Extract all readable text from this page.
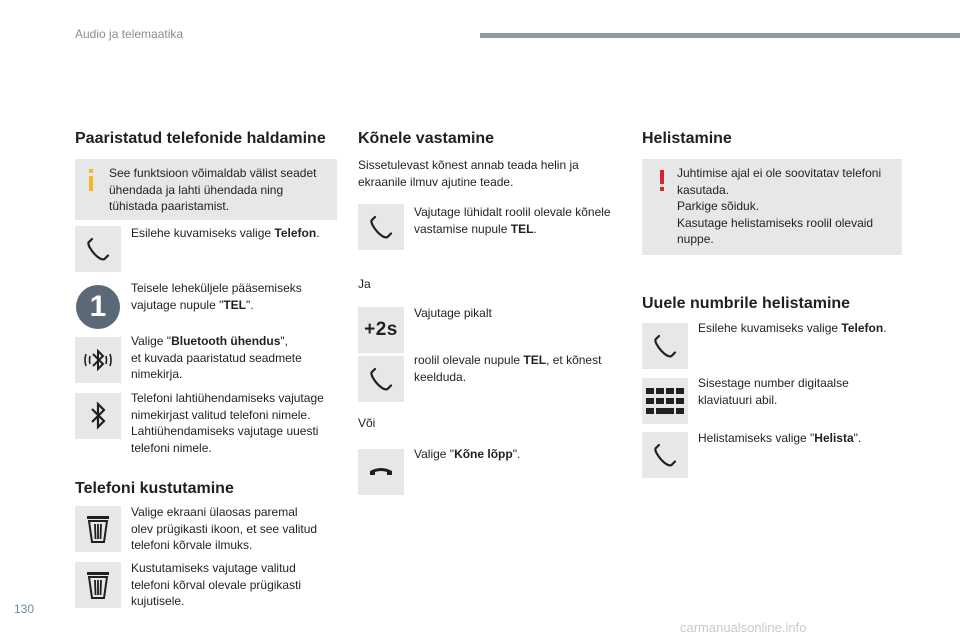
Audio ja telemaatika
Paaristatud telefonide haldamine
See funktsioon võimaldab välist seadet
ühendada ja lahti ühendada ning
tühistada paaristamist.
Esilehe kuvamiseks valige Telefon.
1
Teisele leheküljele pääsemiseks
vajutage nupule "TEL".
Valige "Bluetooth ühendus",
et kuvada paaristatud seadmete
nimekirja.
Telefoni lahtiühendamiseks vajutage
nimekirjast valitud telefoni nimele.
Lahtiühendamiseks vajutage uuesti
telefoni nimele.
Telefoni kustutamine
Valige ekraani ülaosas paremal
olev prügikasti ikoon, et see valitud
telefoni kõrvale ilmuks.
Kustutamiseks vajutage valitud
telefoni kõrval olevale prügikasti
kujutisele.
Kõnele vastamine
Sissetulevast kõnest annab teada helin ja
ekraanile ilmuv ajutine teade.
Vajutage lühidalt roolil olevale kõnele
vastamise nupule TEL.
Ja
Vajutage pikalt
+2s
roolil olevale nupule TEL, et kõnest
keelduda.
Või
Valige "Kõne lõpp".
Helistamine
Juhtimise ajal ei ole soovitatav telefoni
kasutada.
Parkige sõiduk.
Kasutage helistamiseks roolil olevaid
nuppe.
Uuele numbrile helistamine
Esilehe kuvamiseks valige Telefon.
Sisestage number digitaalse
klaviatuuri abil.
Helistamiseks valige "Helista".
130
carmanualsonline.info
